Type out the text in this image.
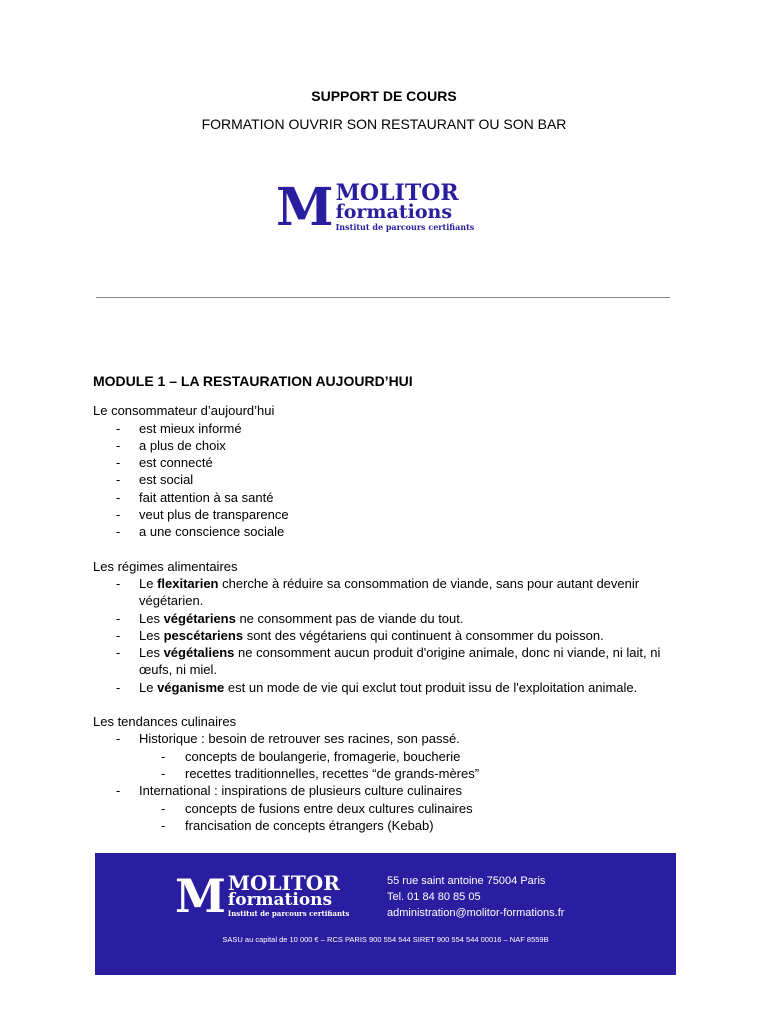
SUPPORT DE COURS
FORMATION OUVRIR SON RESTAURANT OU SON BAR
M MOLITOR
formations
Institut de parcours certifiants
MODULE 1 – LA RESTAURATION AUJOURD’HUI
Le consommateur d’aujourd’hui
- est mieux informé
- a plus de choix
- est connecté
- est social
- fait attention à sa santé
- veut plus de transparence
- a une conscience sociale
Les régimes alimentaires
- Le flexitarien cherche à réduire sa consommation de viande, sans pour autant devenir végétarien.
- Les végétariens ne consomment pas de viande du tout.
- Les pescétariens sont des végétariens qui continuent à consommer du poisson.
- Les végétaliens ne consomment aucun produit d'origine animale, donc ni viande, ni lait, ni œufs, ni miel.
- Le véganisme est un mode de vie qui exclut tout produit issu de l'exploitation animale.
Les tendances culinaires
- Historique : besoin de retrouver ses racines, son passé.
- concepts de boulangerie, fromagerie, boucherie
- recettes traditionnelles, recettes “de grands-mères”
- International : inspirations de plusieurs culture culinaires
- concepts de fusions entre deux cultures culinaires
- francisation de concepts étrangers (Kebab)
M MOLITOR
formations
Institut de parcours certifiants
55 rue saint antoine 75004 Paris
Tel. 01 84 80 85 05
administration@molitor-formations.fr
SASU au capital de 10 000 € – RCS PARIS 900 554 544 SIRET 900 554 544 00016 – NAF 8559B
